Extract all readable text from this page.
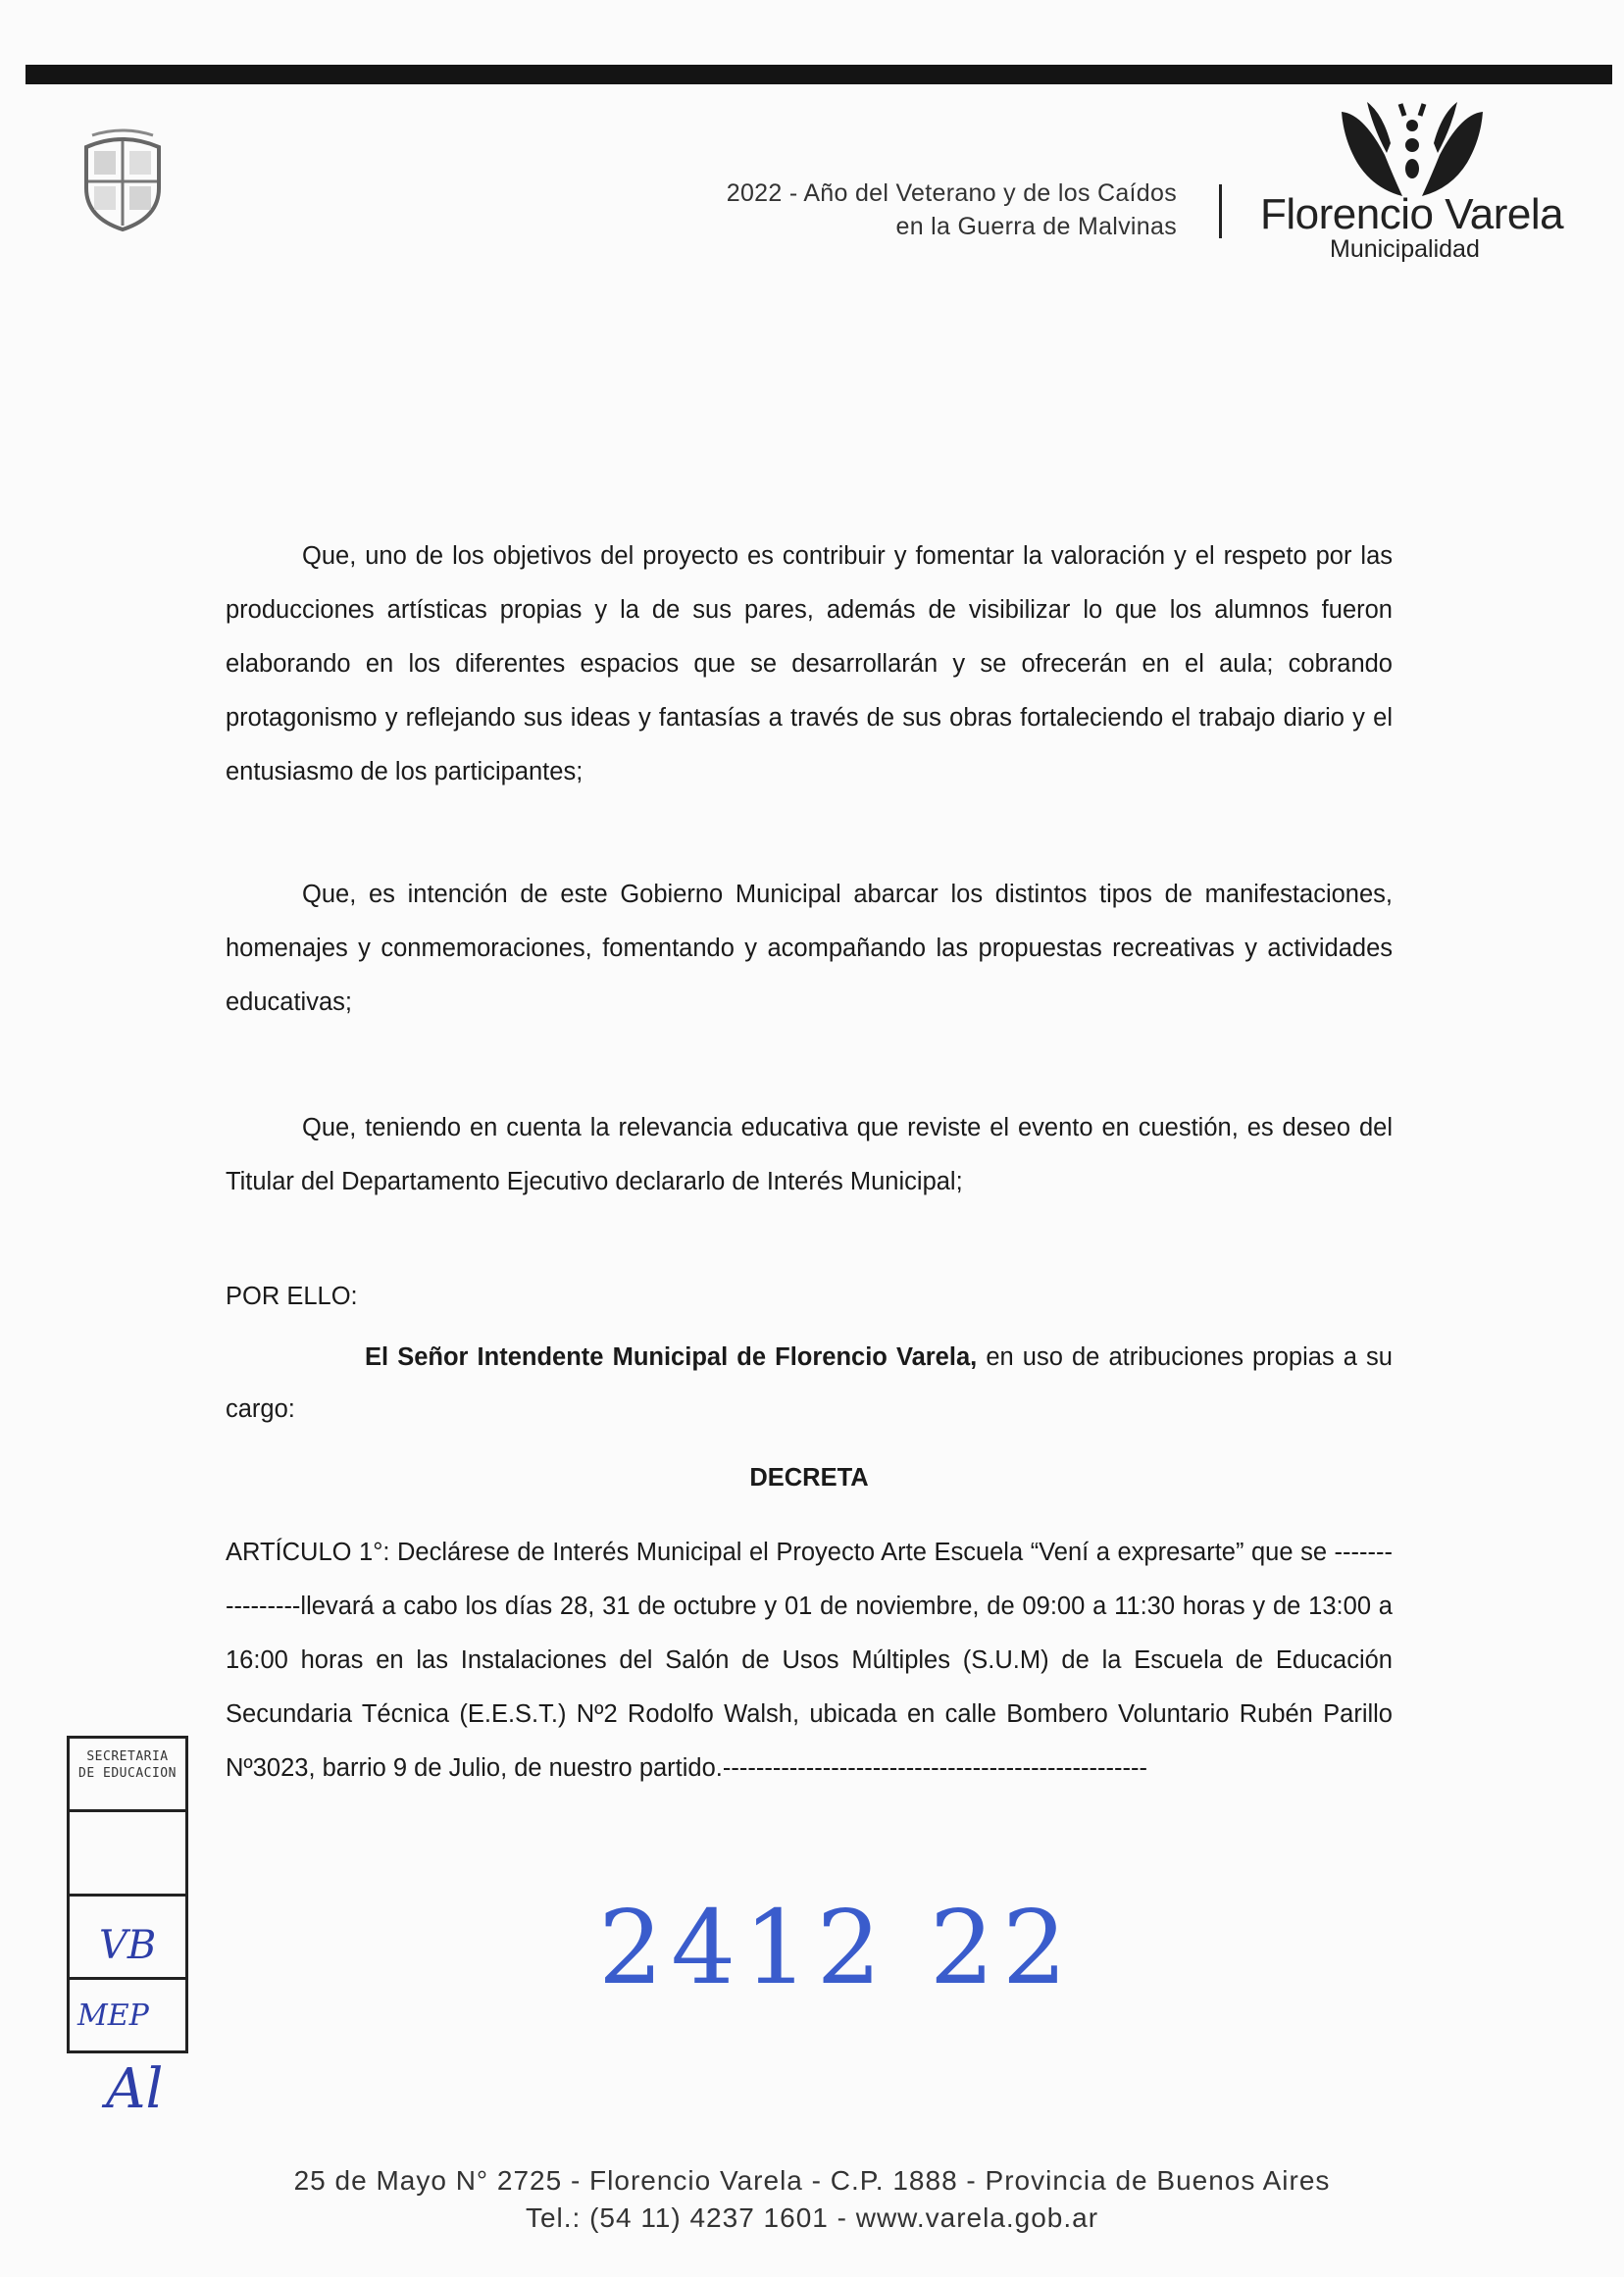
2022 - Año del Veterano y de los Caídos
en la Guerra de Malvinas Florencio Varela
Municipalidad

Que, uno de los objetivos del proyecto es contribuir y fomentar la valoración y el respeto por las producciones artísticas propias y la de sus pares, además de visibilizar lo que los alumnos fueron elaborando en los diferentes espacios que se desarrollarán y se ofrecerán en el aula; cobrando protagonismo y reflejando sus ideas y fantasías a través de sus obras fortaleciendo el trabajo diario y el entusiasmo de los participantes;

Que, es intención de este Gobierno Municipal abarcar los distintos tipos de manifestaciones, homenajes y conmemoraciones, fomentando y acompañando las propuestas recreativas y actividades educativas;

Que, teniendo en cuenta la relevancia educativa que reviste el evento en cuestión, es deseo del Titular del Departamento Ejecutivo declararlo de Interés Municipal;

POR ELLO:

El Señor Intendente Municipal de Florencio Varela, en uso de atribuciones propias a su cargo:

DECRETA

ARTÍCULO 1°: Declárese de Interés Municipal el Proyecto Arte Escuela “Vení a expresarte” que se ----------------llevará a cabo los días 28, 31 de octubre y 01 de noviembre, de 09:00 a 11:30 horas y de 13:00 a 16:00 horas en las Instalaciones del Salón de Usos Múltiples (S.U.M) de la Escuela de Educación Secundaria Técnica (E.E.S.T.) Nº2 Rodolfo Walsh, ubicada en calle Bombero Voluntario Rubén Parillo Nº3023, barrio 9 de Julio, de nuestro partido.---------------------------------------------------

SECRETARIA
DE EDUCACION
VB
MEP
Al
2412 22
25 de Mayo N° 2725 - Florencio Varela - C.P. 1888 - Provincia de Buenos Aires
Tel.: (54 11) 4237 1601 - www.varela.gob.ar
